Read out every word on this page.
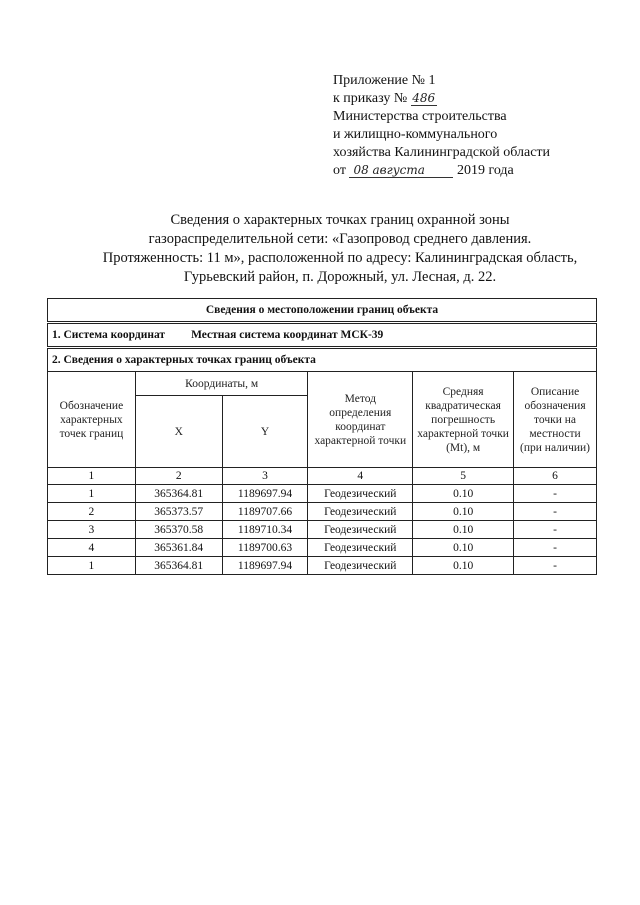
Приложение № 1
к приказу № 486
Министерства строительства
и жилищно-коммунального
хозяйства Калининградской области
от 08 августа 2019 года
Сведения о характерных точках границ охранной зоны
газораспределительной сети: «Газопровод среднего давления.
Протяженность: 11 м», расположенной по адресу: Калининградская область,
Гурьевский район, п. Дорожный, ул. Лесная, д. 22.
Сведения о местоположении границ объекта					
1. Система координат Местная система координат МСК-39					
2. Сведения о характерных точках границ объекта					
Обозначение характерных точек границ	Координаты, м		Метод определения координат характерной точки	Средняя квадратическая погрешность характерной точки (Mt), м	Описание обозначения точки на местности (при наличии)
	X	Y			
1	2	3	4	5	6
1	365364.81	1189697.94	Геодезический	0.10	-
2	365373.57	1189707.66	Геодезический	0.10	-
3	365370.58	1189710.34	Геодезический	0.10	-
4	365361.84	1189700.63	Геодезический	0.10	-
1	365364.81	1189697.94	Геодезический	0.10	-
